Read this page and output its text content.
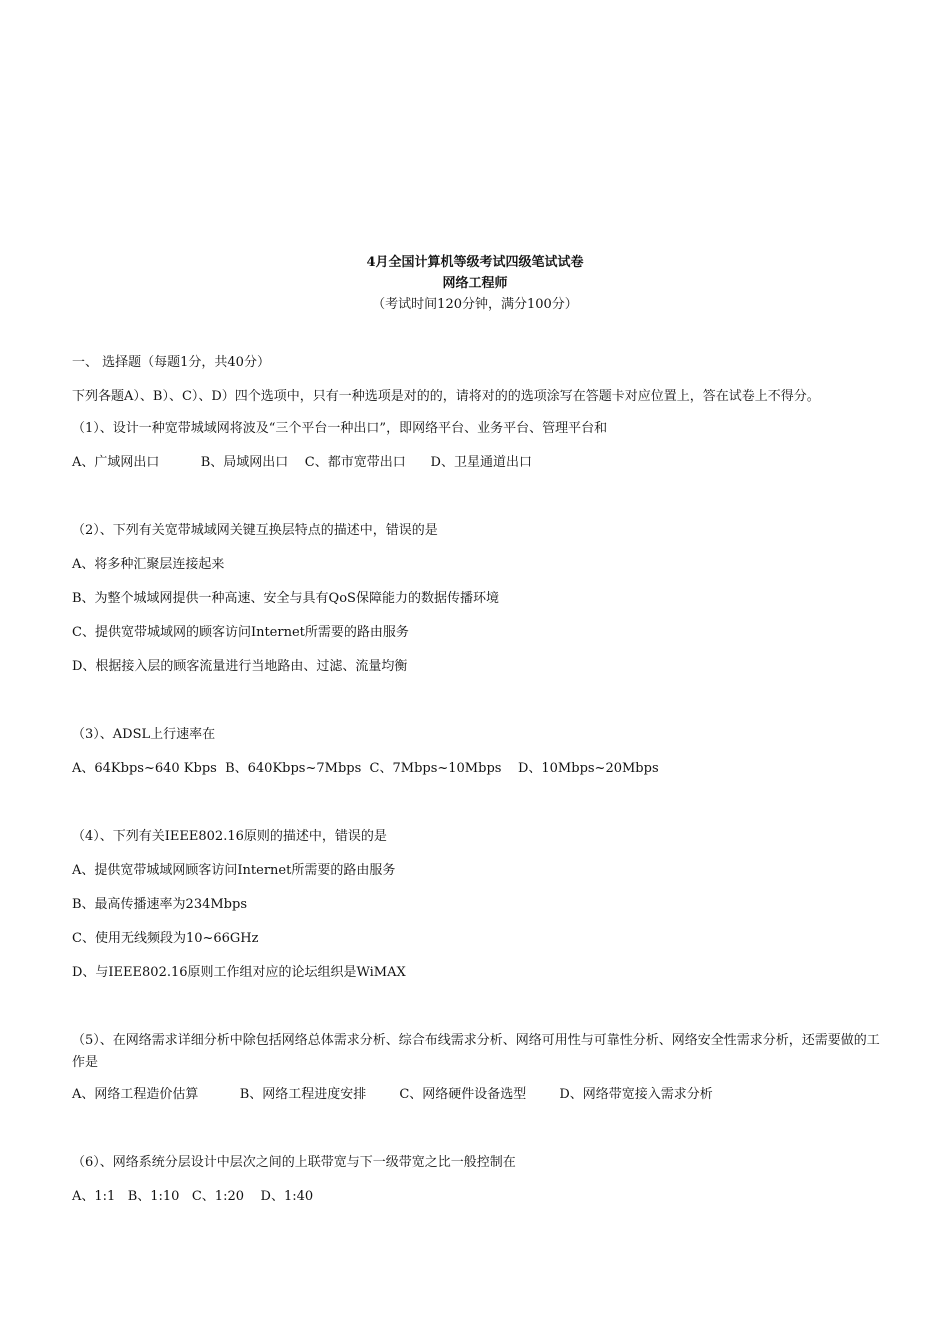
4月全国计算机等级考试四级笔试试卷

网络工程师

（考试时间120分钟，满分100分）

一、 选择题（每题1分，共40分）

下列各题A）、B）、C）、D）四个选项中，只有一种选项是对的的，请将对的的选项涂写在答题卡对应位置上，答在试卷上不得分。

（1）、设计一种宽带城域网将波及“三个平台一种出口”，即网络平台、业务平台、管理平台和

A、广域网出口          B、局域网出口    C、都市宽带出口      D、卫星通道出口

（2）、下列有关宽带城域网关键互换层特点的描述中，错误的是

A、将多种汇聚层连接起来

B、为整个城域网提供一种高速、安全与具有QoS保障能力的数据传播环境

C、提供宽带城域网的顾客访问Internet所需要的路由服务

D、根据接入层的顾客流量进行当地路由、过滤、流量均衡

（3）、ADSL上行速率在

A、64Kbps~640 Kbps  B、640Kbps~7Mbps  C、7Mbps~10Mbps    D、10Mbps~20Mbps

（4）、下列有关IEEE802.16原则的描述中，错误的是

A、提供宽带城域网顾客访问Internet所需要的路由服务

B、最高传播速率为234Mbps

C、使用无线频段为10~66GHz

D、与IEEE802.16原则工作组对应的论坛组织是WiMAX

（5）、在网络需求详细分析中除包括网络总体需求分析、综合布线需求分析、网络可用性与可靠性分析、网络安全性需求分析，还需要做的工作是

A、网络工程造价估算          B、网络工程进度安排        C、网络硬件设备选型        D、网络带宽接入需求分析

（6）、网络系统分层设计中层次之间的上联带宽与下一级带宽之比一般控制在

A、1:1   B、1:10   C、1:20    D、1:40
